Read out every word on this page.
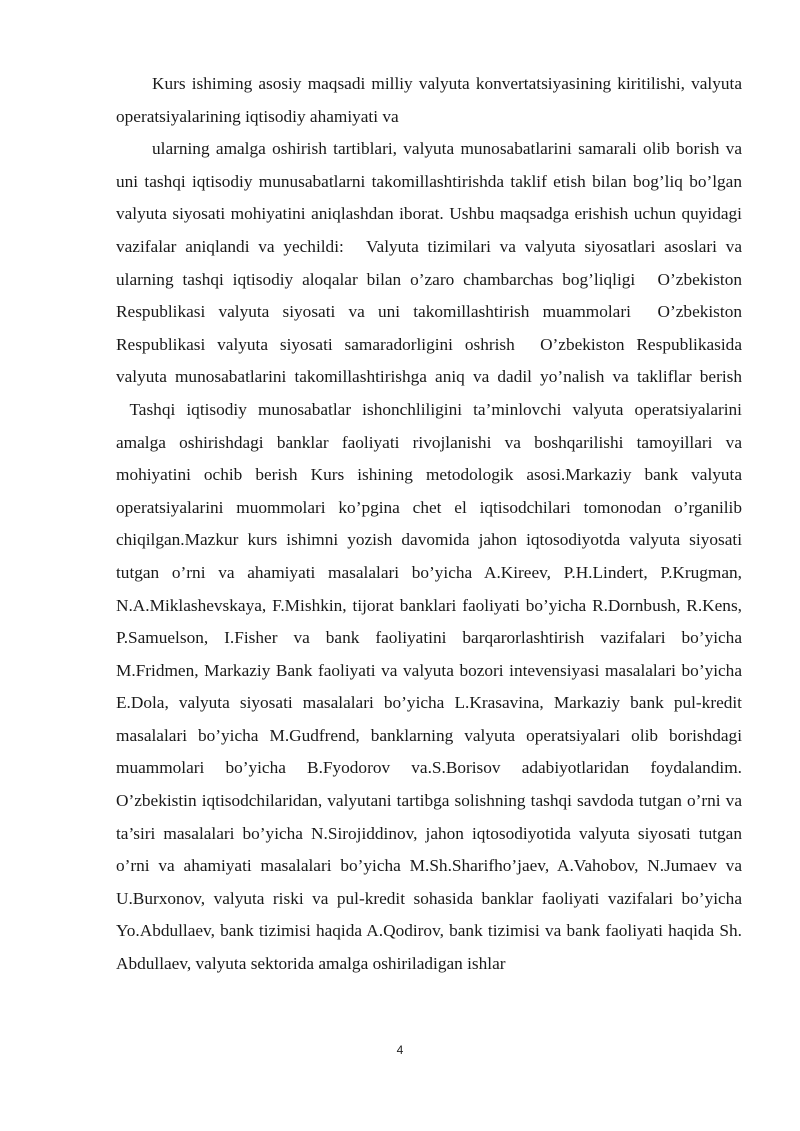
Kurs ishiming asosiy maqsadi milliy valyuta konvertatsiyasining kiritilishi, valyuta operatsiyalarining iqtisodiy ahamiyati va

ularning amalga oshirish tartiblari, valyuta munosabatlarini samarali olib borish va uni tashqi iqtisodiy munusabatlarni takomillashtirishda taklif etish bilan bog’liq bo’lgan valyuta siyosati mohiyatini aniqlashdan iborat. Ushbu maqsadga erishish uchun quyidagi vazifalar aniqlandi va yechildi: Valyuta tizimilari va valyuta siyosatlari asoslari va ularning tashqi iqtisodiy aloqalar bilan o’zaro chambarchas bog’liqligi O’zbekiston Respublikasi valyuta siyosati va uni takomillashtirish muammolari O’zbekiston Respublikasi valyuta siyosati samaradorligini oshrish O’zbekiston Respublikasida valyuta munosabatlarini takomillashtirishga aniq va dadil yo’nalish va takliflar berish Tashqi iqtisodiy munosabatlar ishonchliligini ta’minlovchi valyuta operatsiyalarini amalga oshirishdagi banklar faoliyati rivojlanishi va boshqarilishi tamoyillari va mohiyatini ochib berish Kurs ishining metodologik asosi.Markaziy bank valyuta operatsiyalarini muommolari ko’pgina chet el iqtisodchilari tomonodan o’rganilib chiqilgan.Mazkur kurs ishimni yozish davomida jahon iqtosodiyotda valyuta siyosati tutgan o’rni va ahamiyati masalalari bo’yicha A.Kireev, P.H.Lindert, P.Krugman, N.A.Miklashevskaya, F.Mishkin, tijorat banklari faoliyati bo’yicha R.Dornbush, R.Kens, P.Samuelson, I.Fisher va bank faoliyatini barqarorlashtirish vazifalari bo’yicha M.Fridmen, Markaziy Bank faoliyati va valyuta bozori intevensiyasi masalalari bo’yicha E.Dola, valyuta siyosati masalalari bo’yicha L.Krasavina, Markaziy bank pul-kredit masalalari bo’yicha M.Gudfrend, banklarning valyuta operatsiyalari olib borishdagi muammolari bo’yicha B.Fyodorov va.S.Borisov adabiyotlaridan foydalandim. O’zbekistin iqtisodchilaridan, valyutani tartibga solishning tashqi savdoda tutgan o’rni va ta’siri masalalari bo’yicha N.Sirojiddinov, jahon iqtosodiyotida valyuta siyosati tutgan o’rni va ahamiyati masalalari bo’yicha M.Sh.Sharifho’jaev, A.Vahobov, N.Jumaev va U.Burxonov, valyuta riski va pul-kredit sohasida banklar faoliyati vazifalari bo’yicha Yo.Abdullaev, bank tizimisi haqida A.Qodirov, bank tizimisi va bank faoliyati haqida Sh. Abdullaev, valyuta sektorida amalga oshiriladigan ishlar

4
